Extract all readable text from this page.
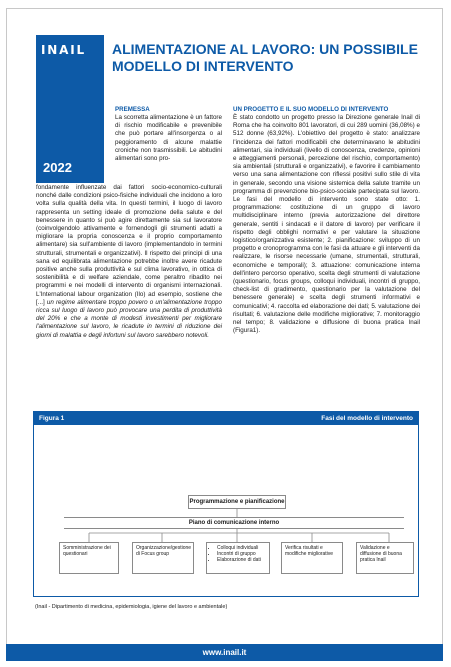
INAIL
2022
ALIMENTAZIONE AL LAVORO: UN POSSIBILE MODELLO DI INTERVENTO

PREMESSA

La scorretta alimentazione è un fattore di rischio modificabile e prevenibile che può portare all'insorgenza o al peggioramento di alcune malattie croniche non trasmissibili. Le abitudini alimentari sono pro-

fondamente influenzate dai fattori socio-economico-culturali nonché dalle condizioni psico-fisiche individuali che incidono a loro volta sulla qualità della vita. In questi termini, il luogo di lavoro rappresenta un setting ideale di promozione della salute e del benessere in quanto si può agire direttamente sia sul lavoratore (coinvolgendolo attivamente e fornendogli gli strumenti adatti a migliorare la propria conoscenza e il proprio comportamento alimentare) sia sull'ambiente di lavoro (implementandolo in termini strutturali, strumentali e organizzativi). Il rispetto dei principi di una sana ed equilibrata alimentazione potrebbe inoltre avere ricadute positive anche sulla produttività e sul clima lavorativo, in ottica di sostenibilità e di welfare aziendale, come peraltro ribadito nei programmi e nei modelli di intervento di organismi internazionali. L'International labour organization (Ilo) ad esempio, sostiene che [...] un regime alimentare troppo povero o un'alimentazione troppo ricca sul luogo di lavoro può provocare una perdita di produttività del 20% e che a monte di modesti investimenti per migliorare l'alimentazione sul lavoro, le ricadute in termini di riduzione dei giorni di malattia e degli infortuni sul lavoro sarebbero notevoli.

UN PROGETTO E IL SUO MODELLO DI INTERVENTO

È stato condotto un progetto presso la Direzione generale Inail di Roma che ha coinvolto 801 lavoratori, di cui 289 uomini (36,08%) e 512 donne (63,92%). L'obiettivo del progetto è stato: analizzare l'incidenza dei fattori modificabili che determinavano le abitudini alimentari, sia individuali (livello di conoscenza, credenze, opinioni e atteggiamenti personali, percezione del rischio, comportamento) sia ambientali (strutturali e organizzativi), e favorire il cambiamento verso una sana alimentazione con riflessi positivi sullo stile di vita in generale, secondo una visione sistemica della salute tramite un programma di prevenzione bio-psico-sociale partecipata sul lavoro. Le fasi del modello di intervento sono state otto: 1. programmazione: costituzione di un gruppo di lavoro multidisciplinare interno (previa autorizzazione del direttore generale, sentiti i sindacati e il datore di lavoro) per verificare il rispetto degli obblighi normativi e per valutare la situazione logistico/organizzativa esistente; 2. pianificazione: sviluppo di un progetto e cronoprogramma con le fasi da attuare e gli interventi da realizzare, le risorse necessarie (umane, strumentali, strutturali, economiche e temporali); 3. attuazione: comunicazione interna dell'intero percorso operativo, scelta degli strumenti di valutazione (questionario, focus groups, colloqui individuali, incontri di gruppo, check-list di gradimento, questionario per la valutazione del benessere generale) e scelta degli strumenti informativi e comunicativi; 4. raccolta ed elaborazione dei dati; 5. valutazione dei risultati; 6. valutazione delle modifiche migliorative; 7. monitoraggio nel tempo; 8. validazione e diffusione di buona pratica Inail (Figura1).

Figura 1	Fasi del modello di intervento
Programmazione e pianificazione
Piano di comunicazione interno
Somministrazione dei questionari
Organizzazione/gestione di Focus group
• Colloqui individuali
• Incontri di gruppo
• Elaborazione di dati
Verifica risultati e modifiche migliorative
Validazione e diffusione di buona pratica Inail
(Inail - Dipartimento di medicina, epidemiologia, igiene del lavoro e ambientale)
www.inail.it
